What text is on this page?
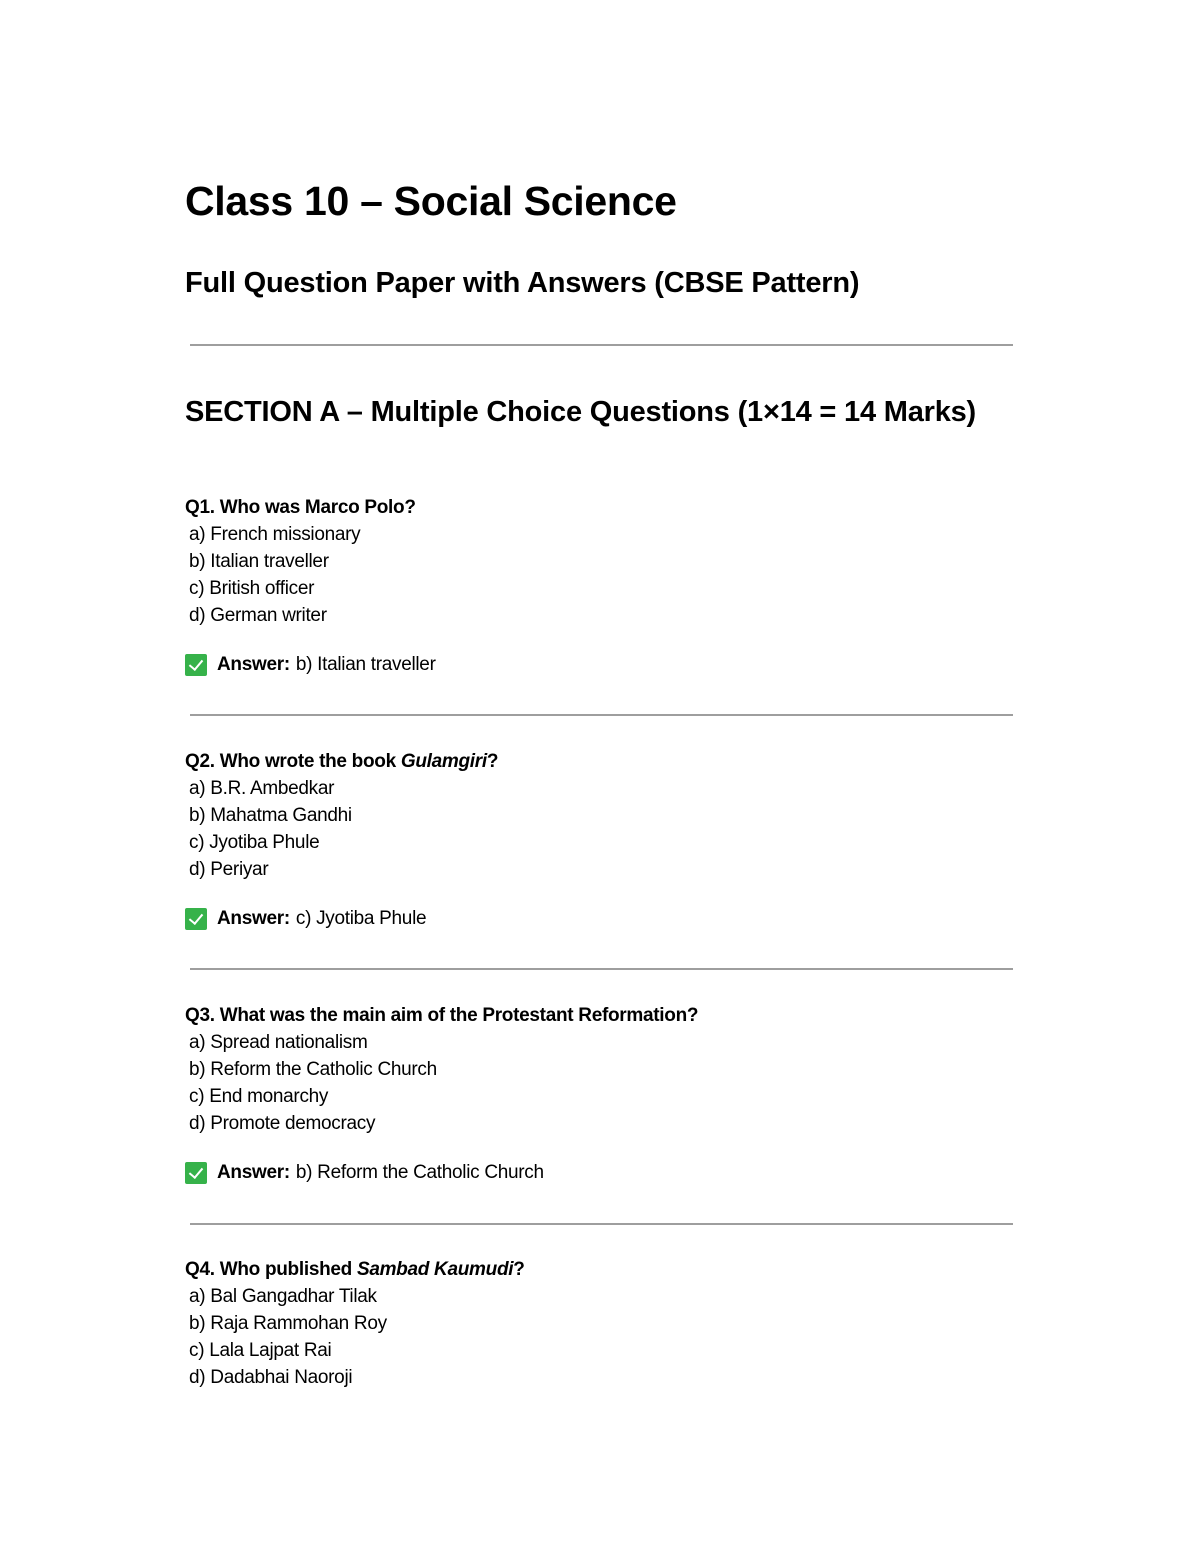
Class 10 – Social Science
Full Question Paper with Answers (CBSE Pattern)
SECTION A – Multiple Choice Questions (1×14 = 14 Marks)
Q1. Who was Marco Polo?
a) French missionary
b) Italian traveller
c) British officer
d) German writer
Answer: b) Italian traveller
Q2. Who wrote the book Gulamgiri?
a) B.R. Ambedkar
b) Mahatma Gandhi
c) Jyotiba Phule
d) Periyar
Answer: c) Jyotiba Phule
Q3. What was the main aim of the Protestant Reformation?
a) Spread nationalism
b) Reform the Catholic Church
c) End monarchy
d) Promote democracy
Answer: b) Reform the Catholic Church
Q4. Who published Sambad Kaumudi?
a) Bal Gangadhar Tilak
b) Raja Rammohan Roy
c) Lala Lajpat Rai
d) Dadabhai Naoroji
